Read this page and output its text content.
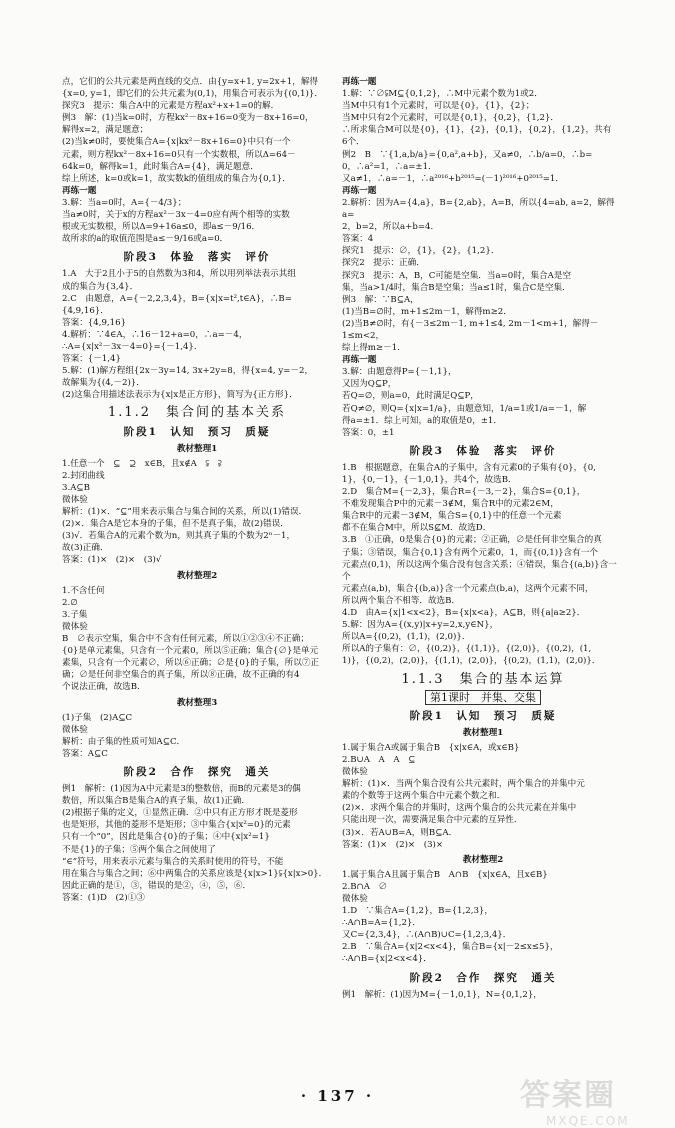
点，它们的公共元素是两直线的交点．由{y=x+1, y=2x+1，解得
{x=0, y=1，即它们的公共元素为(0,1)，用集合可表示为{(0,1)}．
探究3　提示：集合A中的元素是方程ax²+x+1=0的解．
例3　解：(1)当k=0时，方程kx²－8x+16=0变为－8x+16=0，
解得x=2，满足题意；
(2)当k≠0时，要使集合A={x|kx²－8x+16=0}中只有一个
元素，则方程kx²－8x+16=0只有一个实数根，所以Δ=64－
64k=0，解得k=1，此时集合A={4}，满足题意．
综上所述，k=0或k=1，故实数k的值组成的集合为{0,1}．
再练一题
3.解：当a=0时，A={－4/3}；
当a≠0时，关于x的方程ax²－3x－4=0应有两个相等的实数
根或无实数根，所以Δ=9+16a≤0，即a≤－9/16．
故所求的a的取值范围是a≤－9/16或a=0．
阶段3　体验　落实　评价
1.A　大于2且小于5的自然数为3和4，所以用列举法表示其组
成的集合为{3,4}．
2.C　由题意，A={－2,2,3,4}，B={x|x=t²,t∈A}，∴B=
{4,9,16}．
答案：{4,9,16}
4.解析：∵4∈A，∴16－12+a=0，∴a=－4，
∴A={x|x²－3x－4=0}={－1,4}．
答案：{－1,4}
5.解：(1)解方程组{2x－3y=14, 3x+2y=8，得{x=4, y=－2，
故解集为{(4,－2)}．
(2)这集合用描述法表示为{x|x是正方形}，简写为{正方形}．
1.1.2　集合间的基本关系
阶段1　认知　预习　质疑
教材整理1
1.任意一个　⊆　⊇　x∈B，且x∉A　⫋　⫌
2.封闭曲线
3.A⊆B
微体验
解析：(1)×．“⊆”用来表示集合与集合间的关系，所以(1)错误．
(2)×．集合A是它本身的子集，但不是真子集，故(2)错误．
(3)√．若集合A的元素个数为n，则其真子集的个数为2ⁿ－1，
故(3)正确．
答案：(1)×　(2)×　(3)√
教材整理2
1.不含任何
2.∅
3.子集
微体验
B　∅表示空集，集合中不含有任何元素，所以①②③④不正确；
{0}是单元素集，只含有一个元素0，所以⑤正确；集合{∅}是单元
素集，只含有一个元素∅，所以⑥正确；∅是{0}的子集，所以⑦正
确；∅是任何非空集合的真子集，所以⑧正确，故不正确的有4
个说法正确，故选B.
教材整理3
(1)子集　(2)A⊆C
微体验
解析：由子集的性质可知A⊆C．
答案：A⊆C
阶段2　合作　探究　通关
例1　解析：(1)因为A中元素是3的整数倍，而B的元素是3的偶
数倍，所以集合B是集合A的真子集，故(1)正确．
(2)根据子集的定义，①显然正确．②中只有正方形才既是菱形
也是矩形，其他的菱形不是矩形；③中集合{x|x²=0}的元素
只有一个“0”，因此是集合{0}的子集；④中{x|x²=1}
不是{1}的子集；⑤两个集合之间使用了
“∈”符号，用来表示元素与集合的关系时使用的符号，不能
用在集合与集合之间；⑥中两集合的关系应该是{x|x>1}⫋{x|x>0}．
因此正确的是①，③，错误的是②，④，⑤，⑥．
答案：(1)D　(2)①③
再练一题
1.解：∵∅⫋M⊆{0,1,2}，∴M中元素个数为1或2．
当M中只有1个元素时，可以是{0}，{1}，{2}；
当M中只有2个元素时，可以是{0,1}，{0,2}，{1,2}．
∴所求集合M可以是{0}，{1}，{2}，{0,1}，{0,2}，{1,2}，共有
6个．
例2　B　∵{1,a,b/a}={0,a²,a+b}，又a≠0，∴b/a=0，∴b=
0，∴a²=1，∴a=±1．
又a≠1，∴a=－1，∴a²⁰¹⁶+b²⁰¹⁵=(－1)²⁰¹⁶+0²⁰¹⁵=1．
再练一题
2.解析：因为A={4,a}，B={2,ab}，A=B，所以{4=ab, a=2，解得a=
2，b=2，所以a+b=4．
答案：4
探究1　提示：∅，{1}，{2}，{1,2}．
探究2　提示：正确．
探究3　提示：A，B，C可能是空集．当a=0时，集合A是空
集，当a>1/4时，集合B是空集；当a≤1时，集合C是空集．
例3　解：∵B⊆A，
(1)当B=∅时，m+1≤2m－1，解得m≥2．
(2)当B≠∅时，有{－3≤2m－1, m+1≤4, 2m－1<m+1，解得－1≤m<2，
综上得m≥－1.
再练一题
3.解：由题意得P={－1,1}，
又因为Q⊆P，
若Q=∅，则a=0，此时满足Q⊆P，
若Q≠∅，则Q={x|x=1/a}，由题意知，1/a=1或1/a=－1，解
得a=±1．综上可知，a的取值是0，±1．
答案：0，±1
阶段3　体验　落实　评价
1.B　根据题意，在集合A的子集中，含有元素0的子集有{0}，{0,
1}，{0,－1}，{－1,0,1}，共4个，故选B．
2.D　集合M={－2,3}，集合R={－3,－2}，集合S={0,1}，
不难发现集合P中的元素－3∉M，集合R中的元素2∈M，
集合R中的元素－3∉M，集合S={0,1}中的任意一个元素
都不在集合M中，所以S⊈M．故选D．
3.B　①正确，0是集合{0}的元素；②正确，∅是任何非空集合的真
子集；③错误，集合{0,1}含有两个元素0，1，而{(0,1)}含有一个
元素点(0,1)，所以这两个集合没有包含关系；④错误，集合{(a,b)}含一个
元素点(a,b)，集合{(b,a)}含一个元素点(b,a)，这两个元素不同，
所以两个集合不相等．故选B．
4.D　由A={x|1<x<2}，B={x|x<a}，A⊆B，则{a|a≥2}．
5.解：因为A={(x,y)|x+y=2,x,y∈N}，
所以A={(0,2)，(1,1)，(2,0)}．
所以A的子集有：∅，{(0,2)}，{(1,1)}，{(2,0)}，{(0,2)，(1,
1)}，{(0,2)，(2,0)}，{(1,1)，(2,0)}，{(0,2)，(1,1)，(2,0)}．
1.1.3　集合的基本运算
第1课时　并集、交集
阶段1　认知　预习　质疑
教材整理1
1.属于集合A或属于集合B　{x|x∈A，或x∈B}
2.B∪A　A　A　⊆
微体验
解析：(1)×．当两个集合没有公共元素时，两个集合的并集中元
素的个数等于这两个集合中元素个数之和．
(2)×．求两个集合的并集时，这两个集合的公共元素在并集中
只能出现一次，需要满足集合中元素的互异性．
(3)×．若A∪B=A，则B⊆A．
答案：(1)×　(2)×　(3)×
教材整理2
1.属于集合A且属于集合B　A∩B　{x|x∈A，且x∈B}
2.B∩A　∅
微体验
1.D　∵集合A={1,2}，B={1,2,3}，
∴A∩B=A={1,2}．
又C={2,3,4}，∴(A∩B)∪C={1,2,3,4}．
2.B　∵集合A={x|2<x<4}，集合B={x|－2≤x≤5}，
∴A∩B={x|2<x<4}．
阶段2　合作　探究　通关
例1　解析：(1)因为M={－1,0,1}，N={0,1,2}，
· 137 ·	答案圈
MXQE.COM
